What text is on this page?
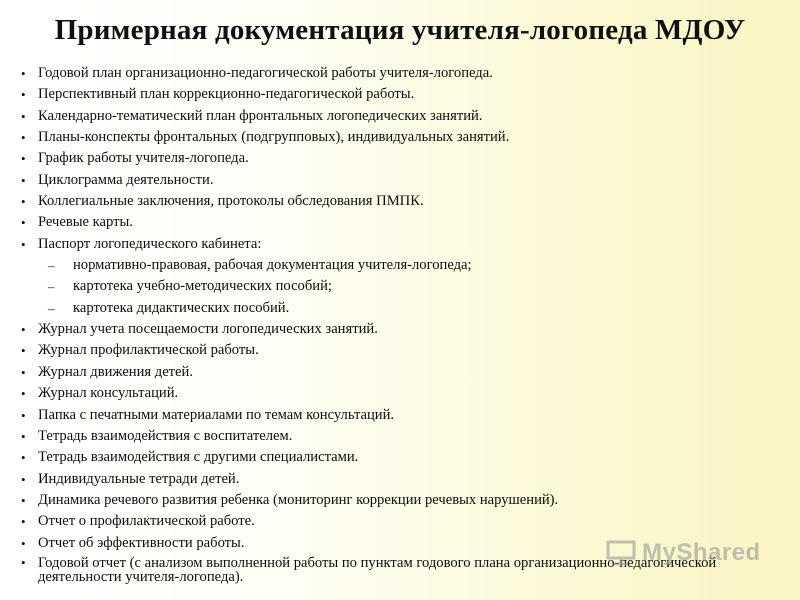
Примерная документация учителя-логопеда МДОУ
• Годовой план организационно-педагогической работы учителя-логопеда.
• Перспективный план коррекционно-педагогической работы.
• Календарно-тематический план фронтальных логопедических занятий.
• Планы-конспекты фронтальных (подгрупповых), индивидуальных занятий.
• График работы учителя-логопеда.
• Циклограмма деятельности.
• Коллегиальные заключения, протоколы обследования ПМПК.
• Речевые карты.
• Паспорт логопедического кабинета:
– нормативно-правовая, рабочая документация учителя-логопеда;
– картотека учебно-методических пособий;
– картотека дидактических пособий.
• Журнал учета посещаемости логопедических занятий.
• Журнал профилактической работы.
• Журнал движения детей.
• Журнал консультаций.
• Папка с печатными материалами по темам консультаций.
• Тетрадь взаимодействия с воспитателем.
• Тетрадь взаимодействия с другими специалистами.
• Индивидуальные тетради детей.
• Динамика речевого развития ребенка (мониторинг коррекции речевых нарушений).
• Отчет о профилактической работе.
• Отчет об эффективности работы.
• Годовой отчет (с анализом выполненной работы по пунктам годового плана организационно-педагогической деятельности учителя-логопеда).
MyShared
